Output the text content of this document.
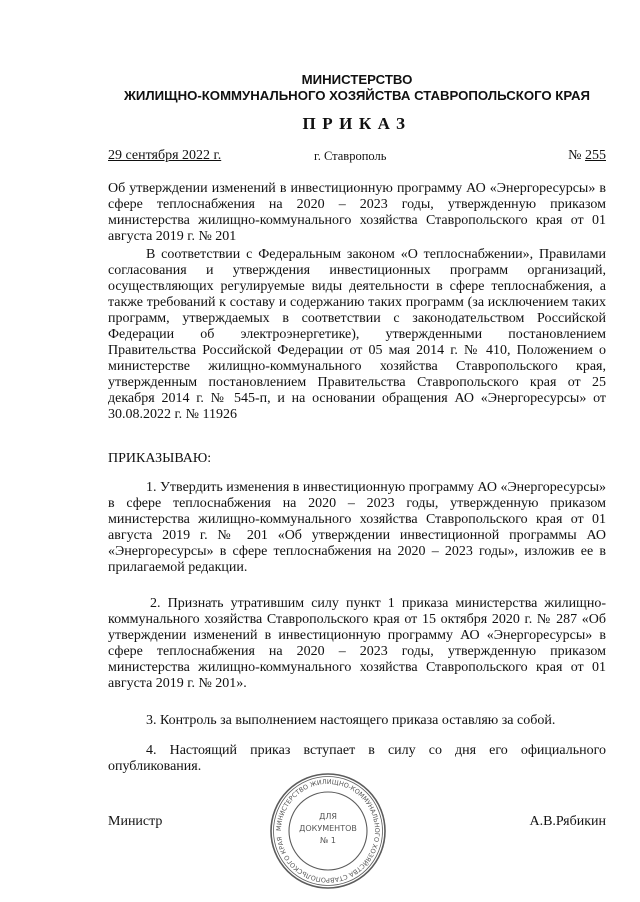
МИНИСТЕРСТВО
ЖИЛИЩНО-КОММУНАЛЬНОГО ХОЗЯЙСТВА СТАВРОПОЛЬСКОГО КРАЯ
ПРИКАЗ
29 сентября 2022 г.	г. Ставрополь	№ 255

Об утверждении изменений в инвестиционную программу АО «Энергоресурсы» в сфере теплоснабжения на 2020 – 2023 годы, утвержденную приказом министерства жилищно-коммунального хозяйства Ставропольского края от 01 августа 2019 г. № 201

В соответствии с Федеральным законом «О теплоснабжении», Правилами согласования и утверждения инвестиционных программ организаций, осуществляющих регулируемые виды деятельности в сфере теплоснабжения, а также требований к составу и содержанию таких программ (за исключением таких программ, утверждаемых в соответствии с законодательством Российской Федерации об электроэнергетике), утвержденными постановлением Правительства Российской Федерации от 05 мая 2014 г. № 410, Положением о министерстве жилищно-коммунального хозяйства Ставропольского края, утвержденным постановлением Правительства Ставропольского края от 25 декабря 2014 г. № 545-п, и на основании обращения АО «Энергоресурсы» от 30.08.2022 г. № 11926

ПРИКАЗЫВАЮ:

1. Утвердить изменения в инвестиционную программу АО «Энергоресурсы» в сфере теплоснабжения на 2020 – 2023 годы, утвержденную приказом министерства жилищно-коммунального хозяйства Ставропольского края от 01 августа 2019 г. № 201 «Об утверждении инвестиционной программы АО «Энергоресурсы» в сфере теплоснабжения на 2020 – 2023 годы», изложив ее в прилагаемой редакции.

2. Признать утратившим силу пункт 1 приказа министерства жилищно-коммунального хозяйства Ставропольского края от 15 октября 2020 г. № 287 «Об утверждении изменений в инвестиционную программу АО «Энергоресурсы» в сфере теплоснабжения на 2020 – 2023 годы, утвержденную приказом министерства жилищно-коммунального хозяйства Ставропольского края от 01 августа 2019 г. № 201».

3. Контроль за выполнением настоящего приказа оставляю за собой.

4. Настоящий приказ вступает в силу со дня его официального опубликования.

Министр	А.В.Рябикин
МИНИСТЕРСТВО ЖИЛИЩНО-КОММУНАЛЬНОГО ХОЗЯЙСТВА СТАВРОПОЛЬСКОГО КРАЯ
ДЛЯ
ДОКУМЕНТОВ
№ 1
